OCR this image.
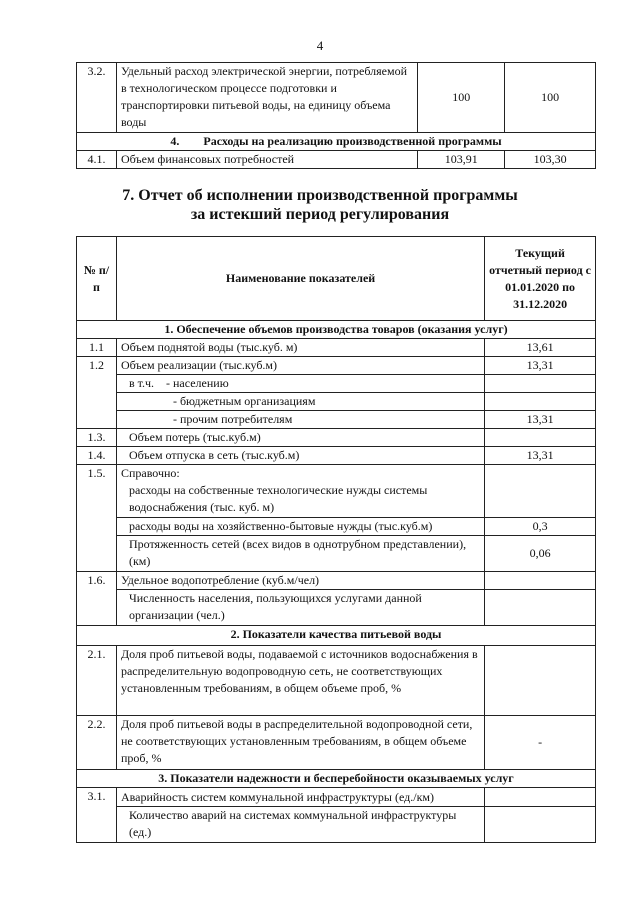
4
3.2.	Удельный расход электрической энергии, потребляемой в технологическом процессе подготовки и транспортировки питьевой воды, на единицу объема воды	100	100
4.        Расходы на реализацию производственной программы			
4.1.	Объем финансовых потребностей	103,91	103,30
7. Отчет об исполнении производственной программы
за истекший период регулирования
№ п/п	Наименование показателей	Текущий отчетный период с 01.01.2020 по 31.12.2020
1. Обеспечение объемов производства товаров (оказания услуг)		
1.1	Объем поднятой воды (тыс.куб. м)	13,61
1.2	Объем реализации (тыс.куб.м)	13,31
	в т.ч.    - населению	
	- бюджетным организациям	
	- прочим потребителям	13,31
1.3.	Объем потерь (тыс.куб.м)	
1.4.	Объем отпуска в сеть (тыс.куб.м)	13,31
1.5.	Справочно:
расходы на собственные технологические нужды системы водоснабжения (тыс. куб. м)	

	расходы воды на хозяйственно-бытовые нужды (тыс.куб.м)	0,3
	Протяженность сетей (всех видов в однотрубном представлении), (км)	0,06
1.6.	Удельное водопотребление (куб.м/чел)	
	Численность населения, пользующихся услугами данной организации (чел.)	
2. Показатели качества питьевой воды		
2.1.	Доля проб питьевой воды, подаваемой с источников водоснабжения в распределительную водопроводную сеть, не соответствующих установленным требованиям, в общем объеме проб, %	
2.2.	Доля проб питьевой воды в распределительной водопроводной сети, не соответствующих установленным требованиям, в общем объеме проб, %	-
3. Показатели надежности и бесперебойности оказываемых услуг		
3.1.	Аварийность систем коммунальной инфраструктуры (ед./км)	
	Количество аварий на системах коммунальной инфраструктуры (ед.)	
